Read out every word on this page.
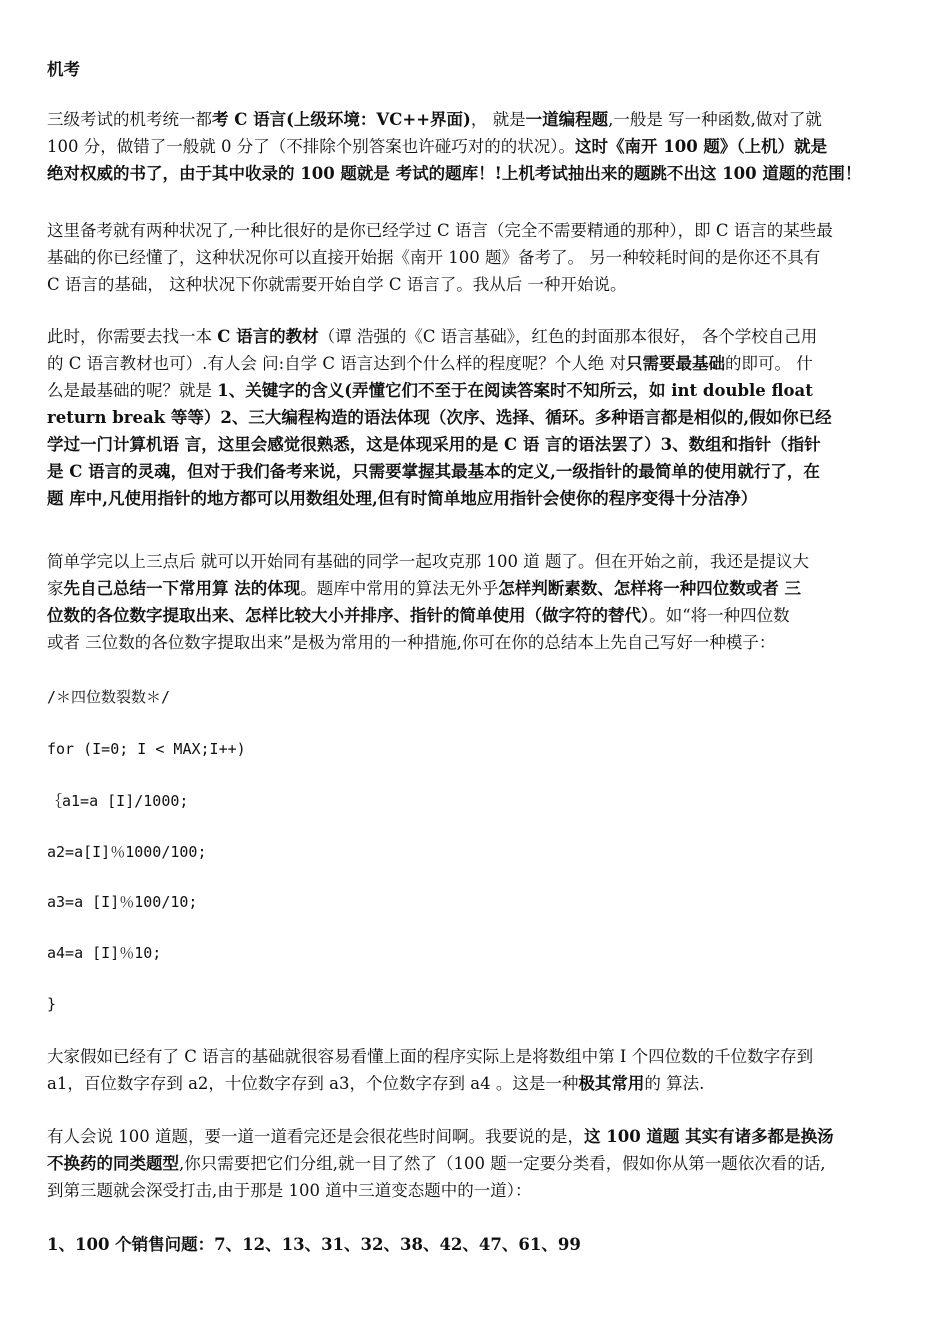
机考
三级考试的机考统一都考 C 语言(上级环境：VC++界面)， 就是一道编程题,一般是 写一种函数,做对了就
100 分，做错了一般就 0 分了（不排除个别答案也许碰巧对的的状况）。这时《南开 100 题》（上机）就是
绝对权威的书了，由于其中收录的 100 题就是 考试的题库！!上机考试抽出来的题跳不出这 100 道题的范围！
这里备考就有两种状况了,一种比很好的是你已经学过 C 语言（完全不需要精通的那种），即 C 语言的某些最
基础的你已经懂了，这种状况你可以直接开始据《南开 100 题》备考了。 另一种较耗时间的是你还不具有
C 语言的基础， 这种状况下你就需要开始自学 C 语言了。我从后 一种开始说。
此时，你需要去找一本 C 语言的教材（谭 浩强的《C 语言基础》，红色的封面那本很好， 各个学校自己用
的 C 语言教材也可）.有人会 问:自学 C 语言达到个什么样的程度呢？个人绝 对只需要最基础的即可。 什
么是最基础的呢？就是 1、关键字的含义(弄懂它们不至于在阅读答案时不知所云，如 int double float
return break 等等）2、三大编程构造的语法体现（次序、选择、循环。多种语言都是相似的,假如你已经
学过一门计算机语 言，这里会感觉很熟悉，这是体现采用的是 C 语 言的语法罢了）3、数组和指针（指针
是 C 语言的灵魂，但对于我们备考来说，只需要掌握其最基本的定义,一级指针的最简单的使用就行了，在
题 库中,凡使用指针的地方都可以用数组处理,但有时简单地应用指针会使你的程序变得十分洁净）
简单学完以上三点后 就可以开始同有基础的同学一起攻克那 100 道 题了。但在开始之前，我还是提议大
家先自己总结一下常用算 法的体现。题库中常用的算法无外乎怎样判断素数、怎样将一种四位数或者 三
位数的各位数字提取出来、怎样比较大小并排序、指针的简单使用（做字符的替代）。如“将一种四位数
或者 三位数的各位数字提取出来”是极为常用的一种措施,你可在你的总结本上先自己写好一种模子：
/＊四位数裂数＊/
for (I=0; I < MAX;I++)
｛a1=a [I]/1000;
a2=a[I]％1000/100;
a3=a [I]％100/10;
a4=a [I]％10;
}
大家假如已经有了 C 语言的基础就很容易看懂上面的程序实际上是将数组中第 I 个四位数的千位数字存到
a1，百位数字存到 a2，十位数字存到 a3，个位数字存到 a4 。这是一种极其常用的 算法.
有人会说 100 道题，要一道一道看完还是会很花些时间啊。我要说的是，这 100 道题 其实有诸多都是换汤
不换药的同类题型,你只需要把它们分组,就一目了然了（100 题一定要分类看，假如你从第一题依次看的话,
到第三题就会深受打击,由于那是 100 道中三道变态题中的一道）：
1、100 个销售问题：7、12、13、31、32、38、42、47、61、99
